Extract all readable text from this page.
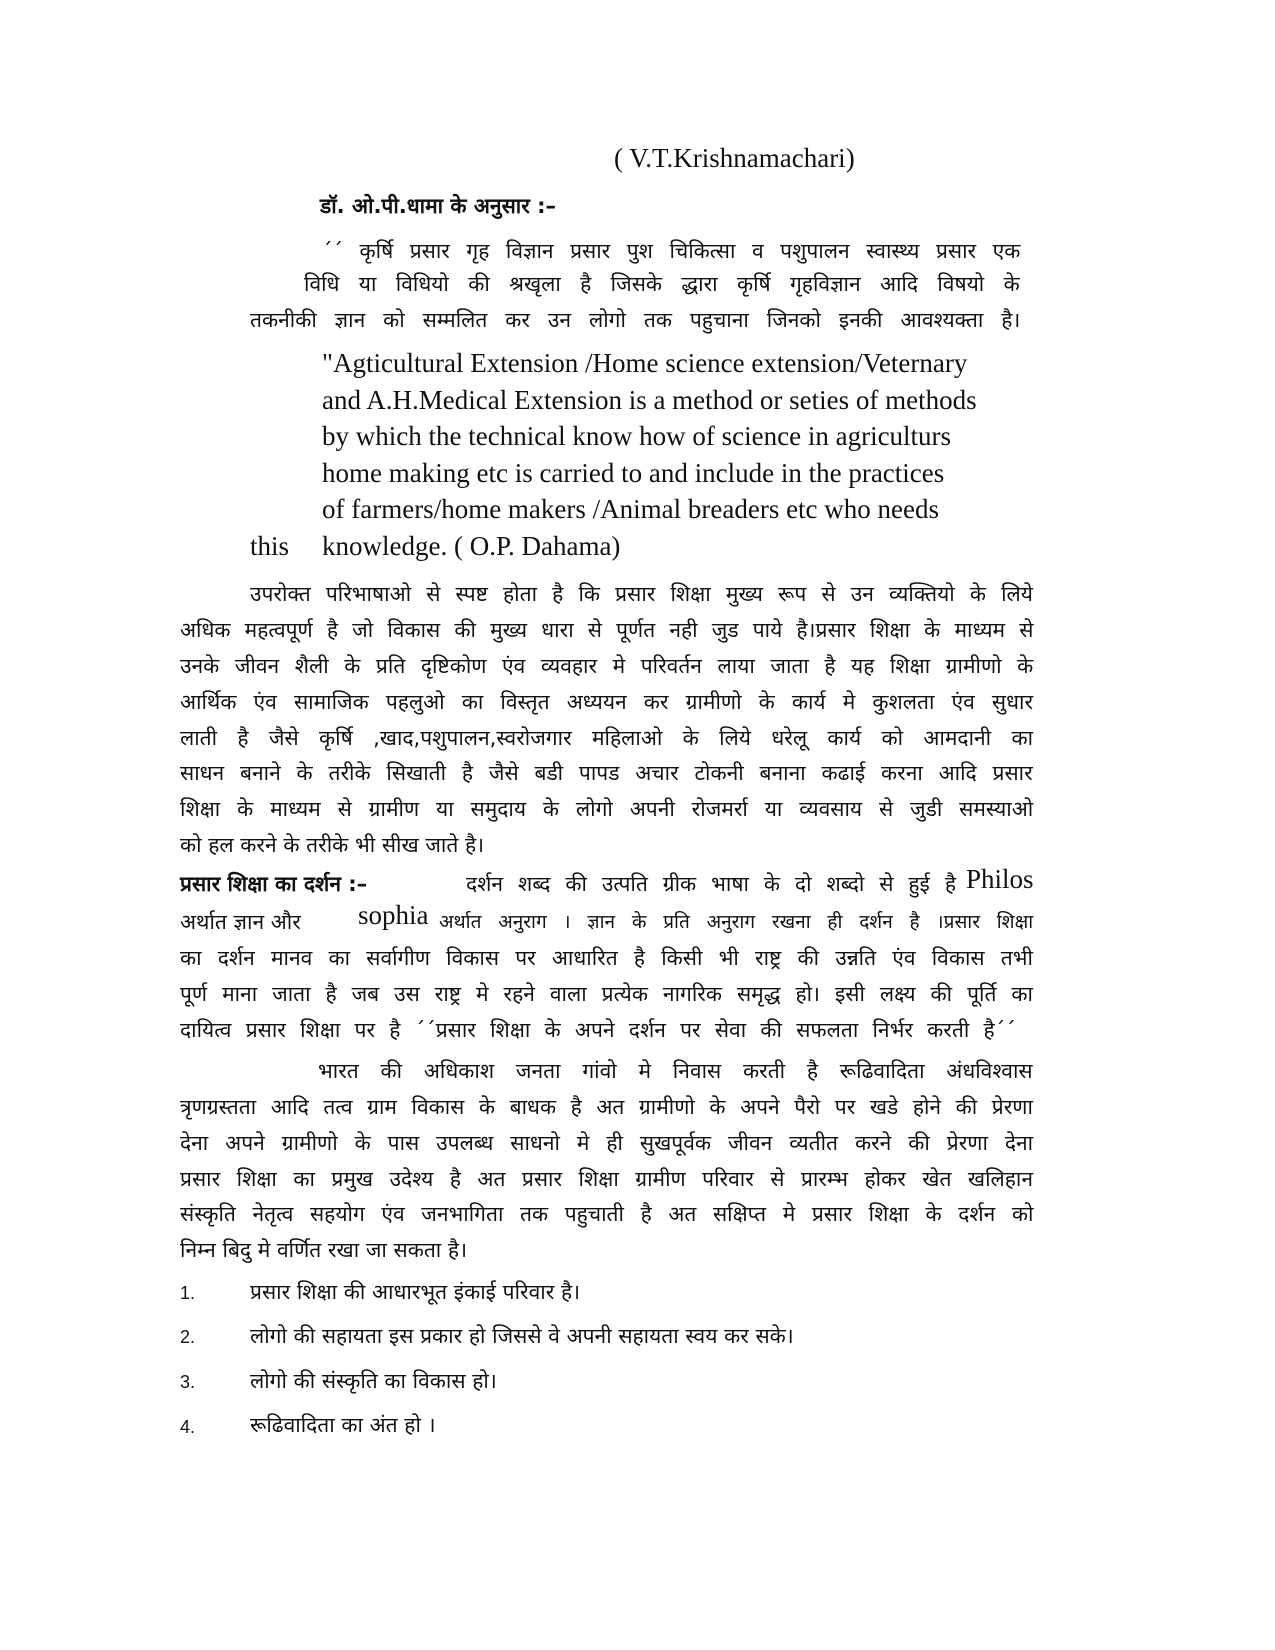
( V.T.Krishnamachari)
डॉ. ओ.पी.धामा के अनुसार :–
´´ कृर्षि प्रसार गृह विज्ञान प्रसार पुश चिकित्सा व पशुपालन स्वास्थ्य प्रसार एक
विधि या विधियो की श्रखृला है जिसके द्धारा कृर्षि गृहविज्ञान आदि विषयो के
तकनीकी ज्ञान को सम्मलित कर उन लोगो तक पहुचाना जिनको इनकी आवश्यक्ता है।
"Agticultural Extension /Home science extension/Veternary
and A.H.Medical Extension is a method or seties of methods
by which the technical know how of science in agriculturs
home making etc is carried to and include in the practices
of farmers/home makers /Animal breaders etc who needs
this knowledge. ( O.P. Dahama)
उपरोक्त परिभाषाओ से स्पष्ट होता है कि प्रसार शिक्षा मुख्य रूप से उन व्यक्तियो के लिये
अधिक महत्वपूर्ण है जो विकास की मुख्य धारा से पूर्णत नही जुड पाये है।प्रसार शिक्षा के माध्यम से
उनके जीवन शैली के प्रति दृष्टिकोण एंव व्यवहार मे परिवर्तन लाया जाता है यह शिक्षा ग्रामीणो के
आर्थिक एंव सामाजिक पहलुओ का विस्तृत अध्ययन कर ग्रामीणो के कार्य मे कुशलता एंव सुधार
लाती है जैसे कृर्षि ,खाद,पशुपालन,स्वरोजगार महिलाओ के लिये धरेलू कार्य को आमदानी का
साधन बनाने के तरीके सिखाती है जैसे बडी पापड अचार टोकनी बनाना कढाई करना आदि प्रसार
शिक्षा के माध्यम से ग्रामीण या समुदाय के लोगो अपनी रोजमर्रा या व्यवसाय से जुडी समस्याओ
को हल करने के तरीके भी सीख जाते है।
प्रसार शिक्षा का दर्शन :–	दर्शन शब्द की उत्पति ग्रीक भाषा के दो शब्दो से हुई है Philos
अर्थात ज्ञान और sophia अर्थात अनुराग । ज्ञान के प्रति अनुराग रखना ही दर्शन है ।प्रसार शिक्षा
का दर्शन मानव का सर्वागीण विकास पर आधारित है किसी भी राष्ट्र की उन्नति एंव विकास तभी
पूर्ण माना जाता है जब उस राष्ट्र मे रहने वाला प्रत्येक नागरिक समृद्ध हो। इसी लक्ष्य की पूर्ति का
दायित्व प्रसार शिक्षा पर है ´´प्रसार शिक्षा के अपने दर्शन पर सेवा की सफलता निर्भर करती है´´
भारत की अधिकाश जनता गांवो मे निवास करती है रूढिवादिता अंधविश्वास
त्रृणग्रस्तता आदि तत्व ग्राम विकास के बाधक है अत ग्रामीणो के अपने पैरो पर खडे होने की प्रेरणा
देना अपने ग्रामीणो के पास उपलब्ध साधनो मे ही सुखपूर्वक जीवन व्यतीत करने की प्रेरणा देना
प्रसार शिक्षा का प्रमुख उदेश्य है अत प्रसार शिक्षा ग्रामीण परिवार से प्रारम्भ होकर खेत खलिहान
संस्कृति नेतृत्व सहयोग एंव जनभागिता तक पहुचाती है अत सक्षिप्त मे प्रसार शिक्षा के दर्शन को
निम्न बिदु मे वर्णित रखा जा सकता है।
1.	प्रसार शिक्षा की आधारभूत इंकाई परिवार है।
2.	लोगो की सहायता इस प्रकार हो जिससे वे अपनी सहायता स्वय कर सके।
3.	लोगो की संस्कृति का विकास हो।
4.	रूढिवादिता का अंत हो ।
